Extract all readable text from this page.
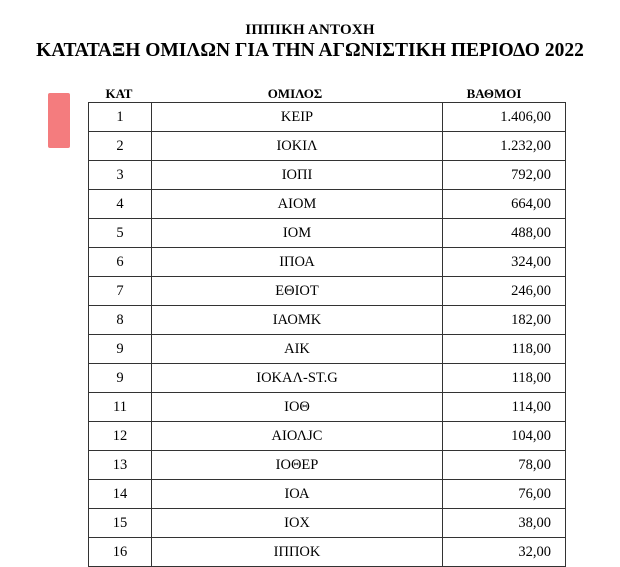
ΙΠΠΙΚΗ ΑΝΤΟΧΗ
ΚΑΤΑΤΑΞΗ ΟΜΙΛΩΝ ΓΙΑ ΤΗΝ ΑΓΩΝΙΣΤΙΚΗ ΠΕΡΙΟΔΟ 2022
ΚΑΤ	ΟΜΙΛΟΣ	ΒΑΘΜΟΙ
1	ΚΕΙΡ	1.406,00
2	ΙΟΚΙΛ	1.232,00
3	ΙΟΠΙ	792,00
4	ΑΙΟΜ	664,00
5	ΙΟΜ	488,00
6	ΙΠΟΑ	324,00
7	ΕΘΙΟΤ	246,00
8	ΙΑΟΜΚ	182,00
9	ΑΙΚ	118,00
9	ΙΟΚΑΛ-ST.G	118,00
11	ΙΟΘ	114,00
12	ΑΙΟΛJC	104,00
13	ΙΟΘΕΡ	78,00
14	ΙΟΑ	76,00
15	ΙΟΧ	38,00
16	ΙΠΠΟΚ	32,00
